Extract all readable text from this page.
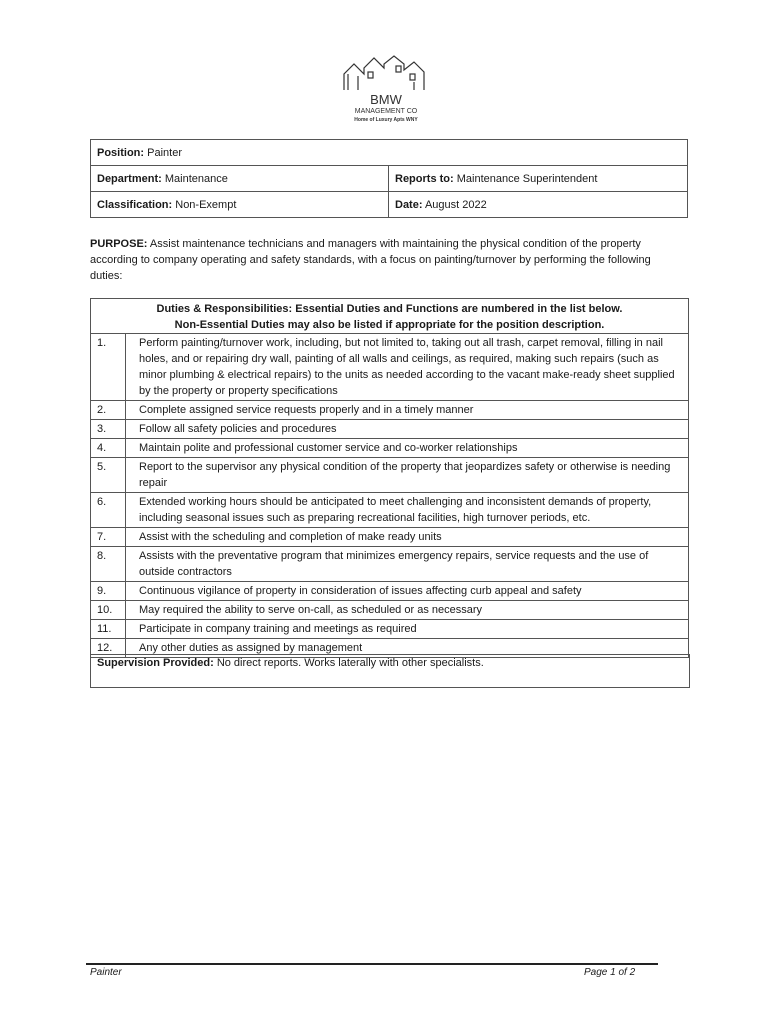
BMW
MANAGEMENT CO
Home of Luxury Apts WNY
Position: Painter	
Department: Maintenance	Reports to: Maintenance Superintendent
Classification: Non-Exempt	Date: August 2022
PURPOSE: Assist maintenance technicians and managers with maintaining the physical condition of the property according to company operating and safety standards, with a focus on painting/turnover by performing the following duties:
Duties & Responsibilities: Essential Duties and Functions are numbered in the list below.
Non-Essential Duties may also be listed if appropriate for the position description.	

1.	Perform painting/turnover work, including, but not limited to, taking out all trash, carpet removal, filling in nail holes, and or repairing dry wall, painting of all walls and ceilings, as required, making such repairs (such as minor plumbing & electrical repairs) to the units as needed according to the vacant make-ready sheet supplied by the property or property specifications
2.	Complete assigned service requests properly and in a timely manner
3.	Follow all safety policies and procedures
4.	Maintain polite and professional customer service and co-worker relationships
5.	Report to the supervisor any physical condition of the property that jeopardizes safety or otherwise is needing repair
6.	Extended working hours should be anticipated to meet challenging and inconsistent demands of property, including seasonal issues such as preparing recreational facilities, high turnover periods, etc.
7.	Assist with the scheduling and completion of make ready units
8.	Assists with the preventative program that minimizes emergency repairs, service requests and the use of outside contractors
9.	Continuous vigilance of property in consideration of issues affecting curb appeal and safety
10.	May required the ability to serve on-call, as scheduled or as necessary
11.	Participate in company training and meetings as required
12.	Any other duties as assigned by management
Supervision Provided: No direct reports. Works laterally with other specialists.
Painter	Page 1 of 2
